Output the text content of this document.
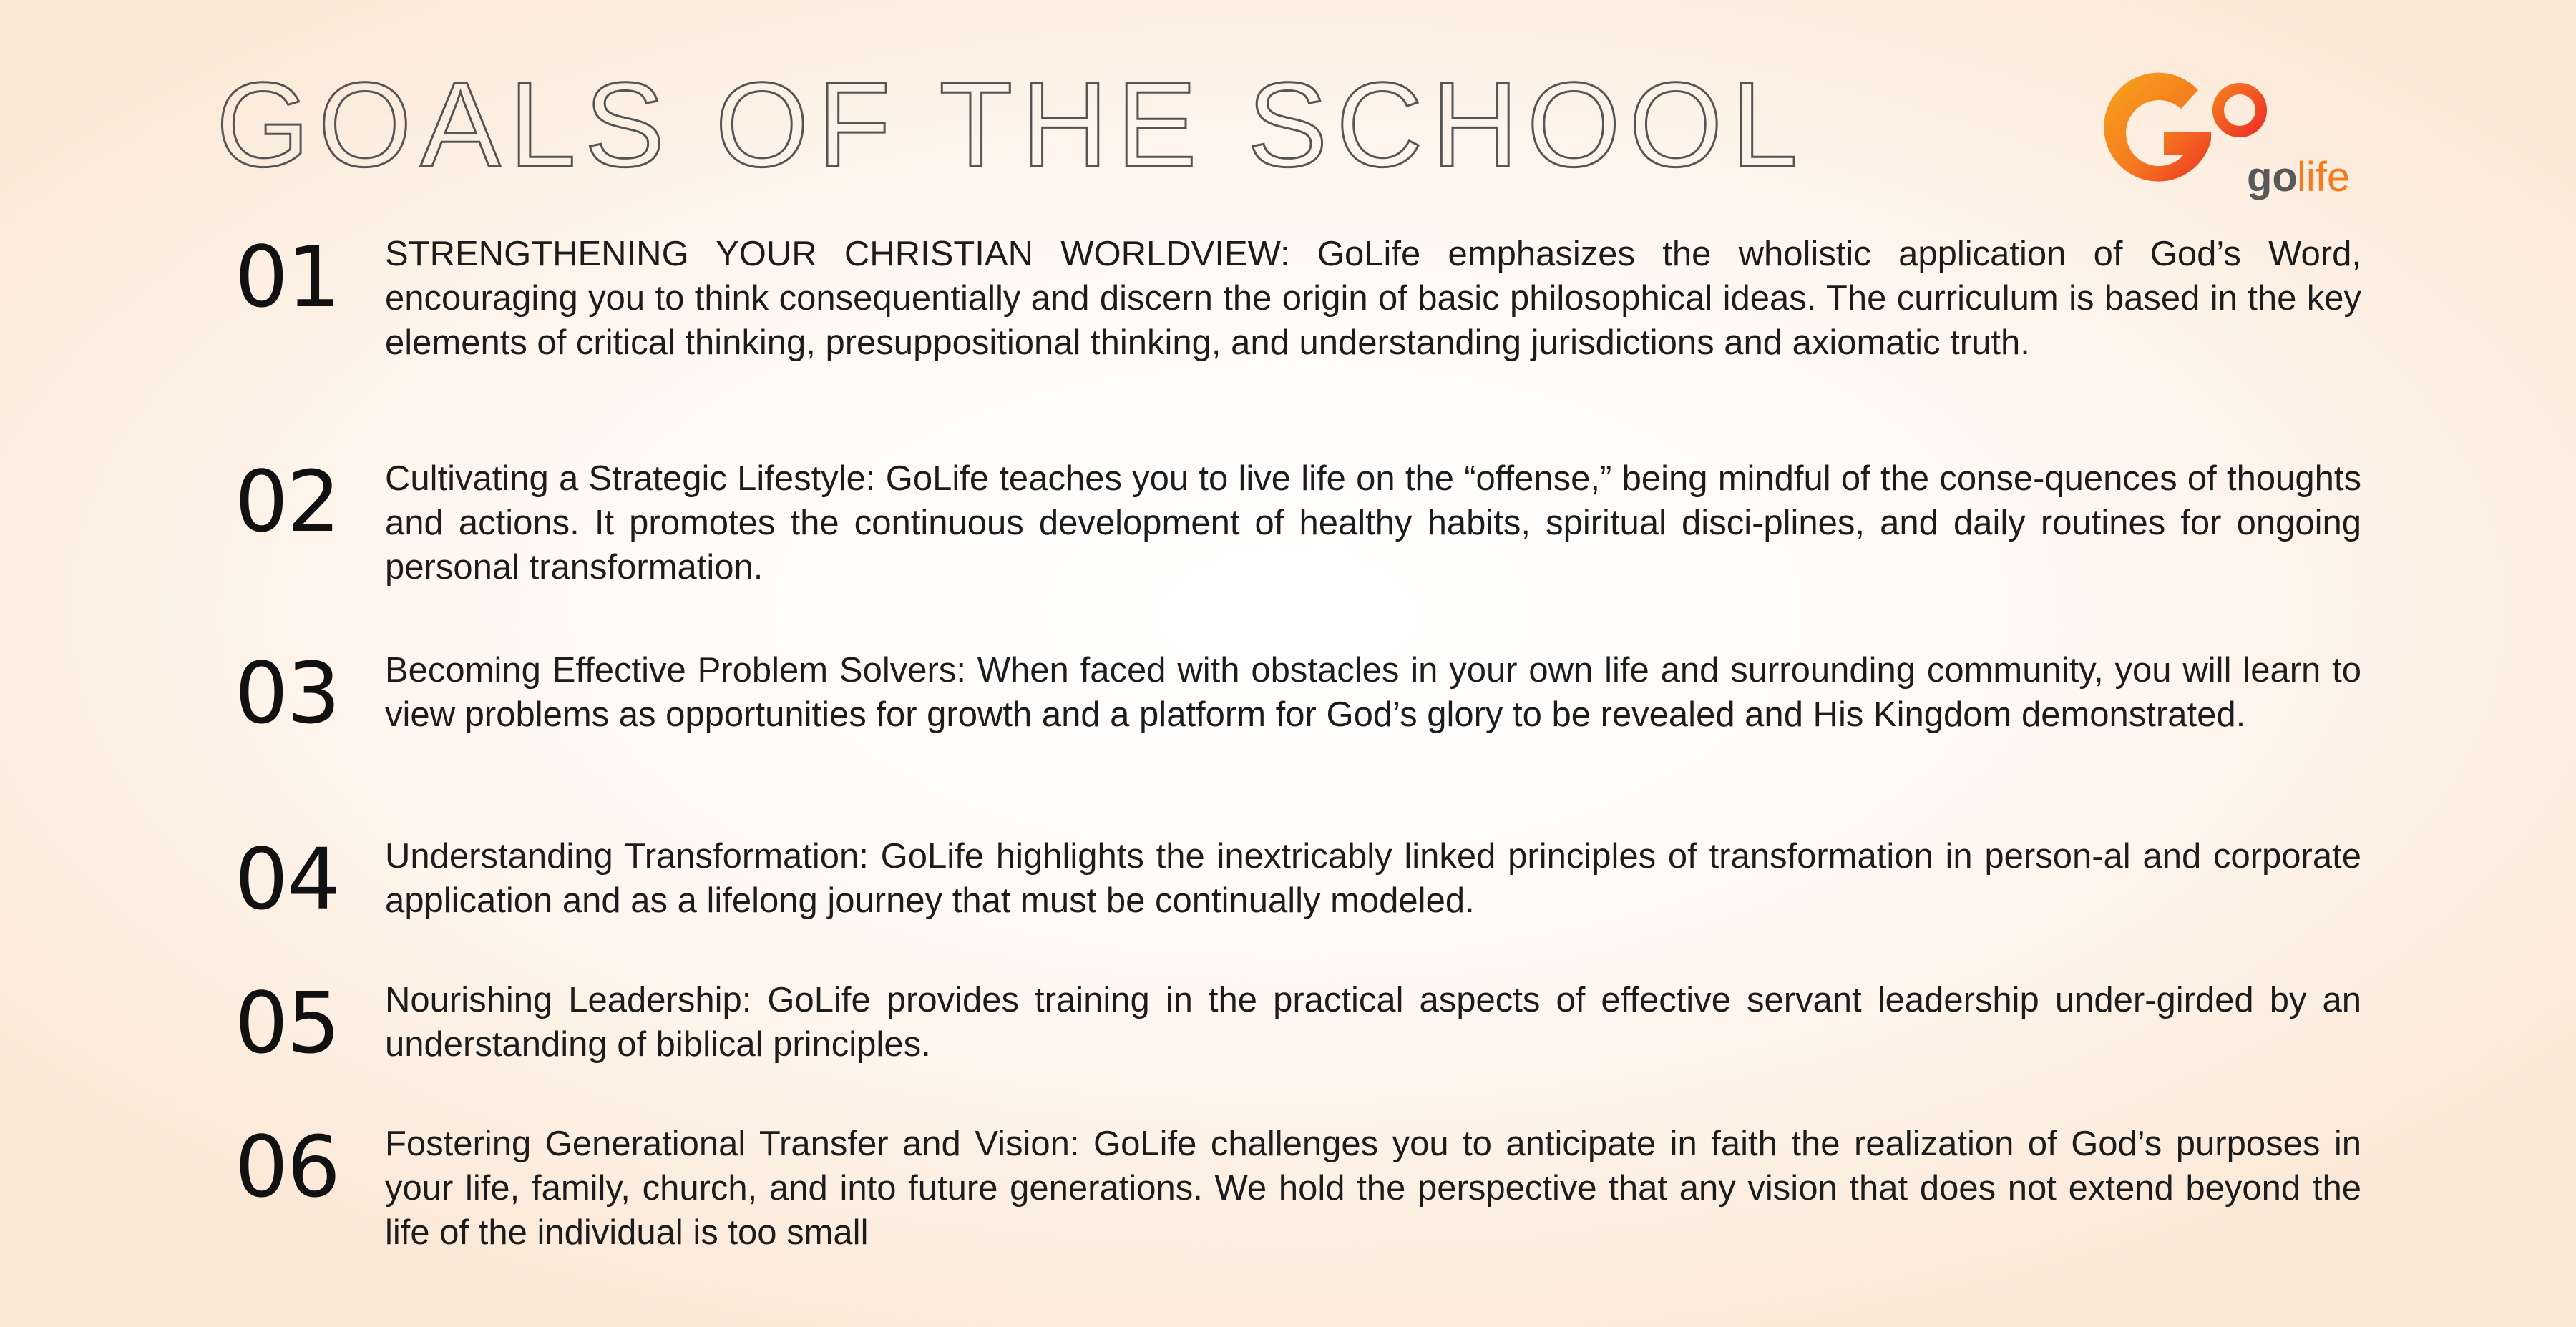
GOALS OF THE SCHOOL	go life
01 STRENGTHENING YOUR CHRISTIAN WORLDVIEW: GoLife emphasizes the wholistic application of God’s Word, encouraging you to think consequentially and discern the origin of basic philosophical ideas. The curriculum is based in the key elements of critical thinking, presuppositional thinking, and understanding jurisdictions and axiomatic truth.

02 Cultivating a Strategic Lifestyle: GoLife teaches you to live life on the “offense,” being mindful of the conse-quences of thoughts and actions. It promotes the continuous development of healthy habits, spiritual disci-plines, and daily routines for ongoing personal transformation.

03 Becoming Effective Problem Solvers: When faced with obstacles in your own life and surrounding community, you will learn to view problems as opportunities for growth and a platform for God’s glory to be revealed and His Kingdom demonstrated.

04 Understanding Transformation: GoLife highlights the inextricably linked principles of transformation in person-al and corporate application and as a lifelong journey that must be continually modeled.

05 Nourishing Leadership: GoLife provides training in the practical aspects of effective servant leadership under-girded by an understanding of biblical principles.

06 Fostering Generational Transfer and Vision: GoLife challenges you to anticipate in faith the realization of God’s purposes in your life, family, church, and into future generations. We hold the perspective that any vision that does not extend beyond the life of the individual is too small
